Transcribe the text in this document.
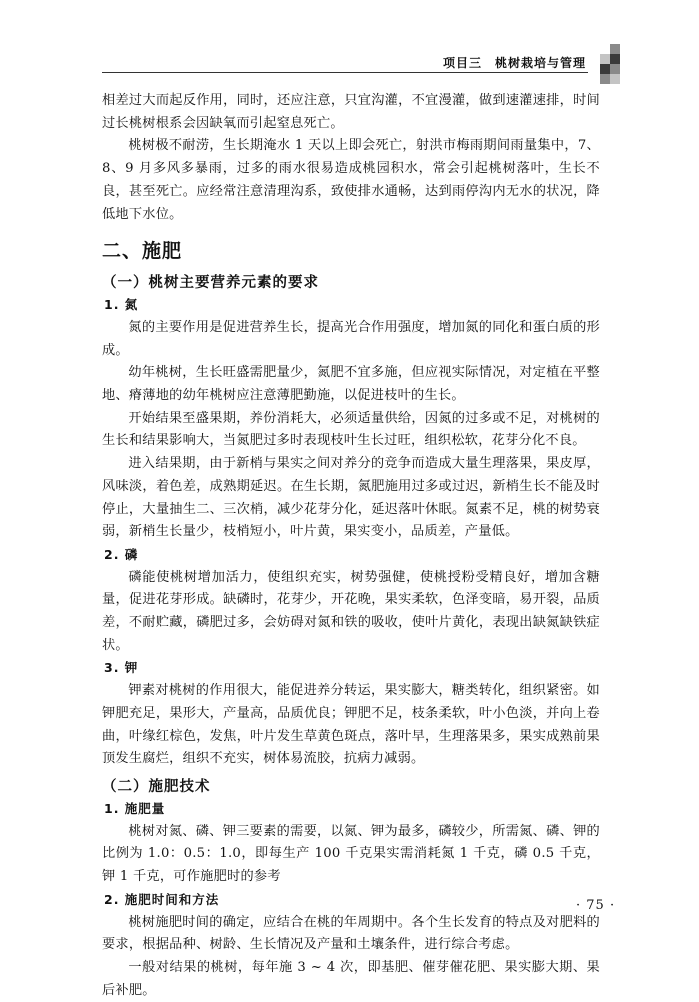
项目三　桃树栽培与管理

相差过大而起反作用，同时，还应注意，只宜沟灌，不宜漫灌，做到速灌速排，时间过长桃树根系会因缺氧而引起窒息死亡。

桃树极不耐涝，生长期淹水 1 天以上即会死亡，射洪市梅雨期间雨量集中，7、8、9 月多风多暴雨，过多的雨水很易造成桃园积水，常会引起桃树落叶，生长不良，甚至死亡。应经常注意清理沟系，致使排水通畅，达到雨停沟内无水的状况，降低地下水位。

二、施肥
（一）桃树主要营养元素的要求
1. 氮

氮的主要作用是促进营养生长，提高光合作用强度，增加氮的同化和蛋白质的形成。

幼年桃树，生长旺盛需肥量少，氮肥不宜多施，但应视实际情况，对定植在平整地、瘠薄地的幼年桃树应注意薄肥勤施，以促进枝叶的生长。

开始结果至盛果期，养份消耗大，必须适量供给，因氮的过多或不足，对桃树的生长和结果影响大，当氮肥过多时表现枝叶生长过旺，组织松软，花芽分化不良。

进入结果期，由于新梢与果实之间对养分的竞争而造成大量生理落果，果皮厚，风味淡，着色差，成熟期延迟。在生长期，氮肥施用过多或过迟，新梢生长不能及时停止，大量抽生二、三次梢，减少花芽分化，延迟落叶休眠。氮素不足，桃的树势衰弱，新梢生长量少，枝梢短小，叶片黄，果实变小，品质差，产量低。

2. 磷

磷能使桃树增加活力，使组织充实，树势强健，使桃授粉受精良好，增加含糖量，促进花芽形成。缺磷时，花芽少，开花晚，果实柔软，色泽变暗，易开裂，品质差，不耐贮藏，磷肥过多，会妨碍对氮和铁的吸收，使叶片黄化，表现出缺氮缺铁症状。

3. 钾

钾素对桃树的作用很大，能促进养分转运，果实膨大，糖类转化，组织紧密。如钾肥充足，果形大，产量高，品质优良；钾肥不足，枝条柔软，叶小色淡，并向上卷曲，叶缘红棕色，发焦，叶片发生草黄色斑点，落叶早，生理落果多，果实成熟前果顶发生腐烂，组织不充实，树体易流胶，抗病力减弱。

（二）施肥技术
1. 施肥量

桃树对氮、磷、钾三要素的需要，以氮、钾为最多，磷较少，所需氮、磷、钾的比例为 1.0：0.5：1.0，即每生产 100 千克果实需消耗氮 1 千克，磷 0.5 千克，钾 1 千克，可作施肥时的参考

2. 施肥时间和方法

桃树施肥时间的确定，应结合在桃的年周期中。各个生长发育的特点及对肥料的要求，根据品种、树龄、生长情况及产量和土壤条件，进行综合考虑。

一般对结果的桃树，每年施 3 ~ 4 次，即基肥、催芽催花肥、果实膨大期、果后补肥。

· 75 ·
